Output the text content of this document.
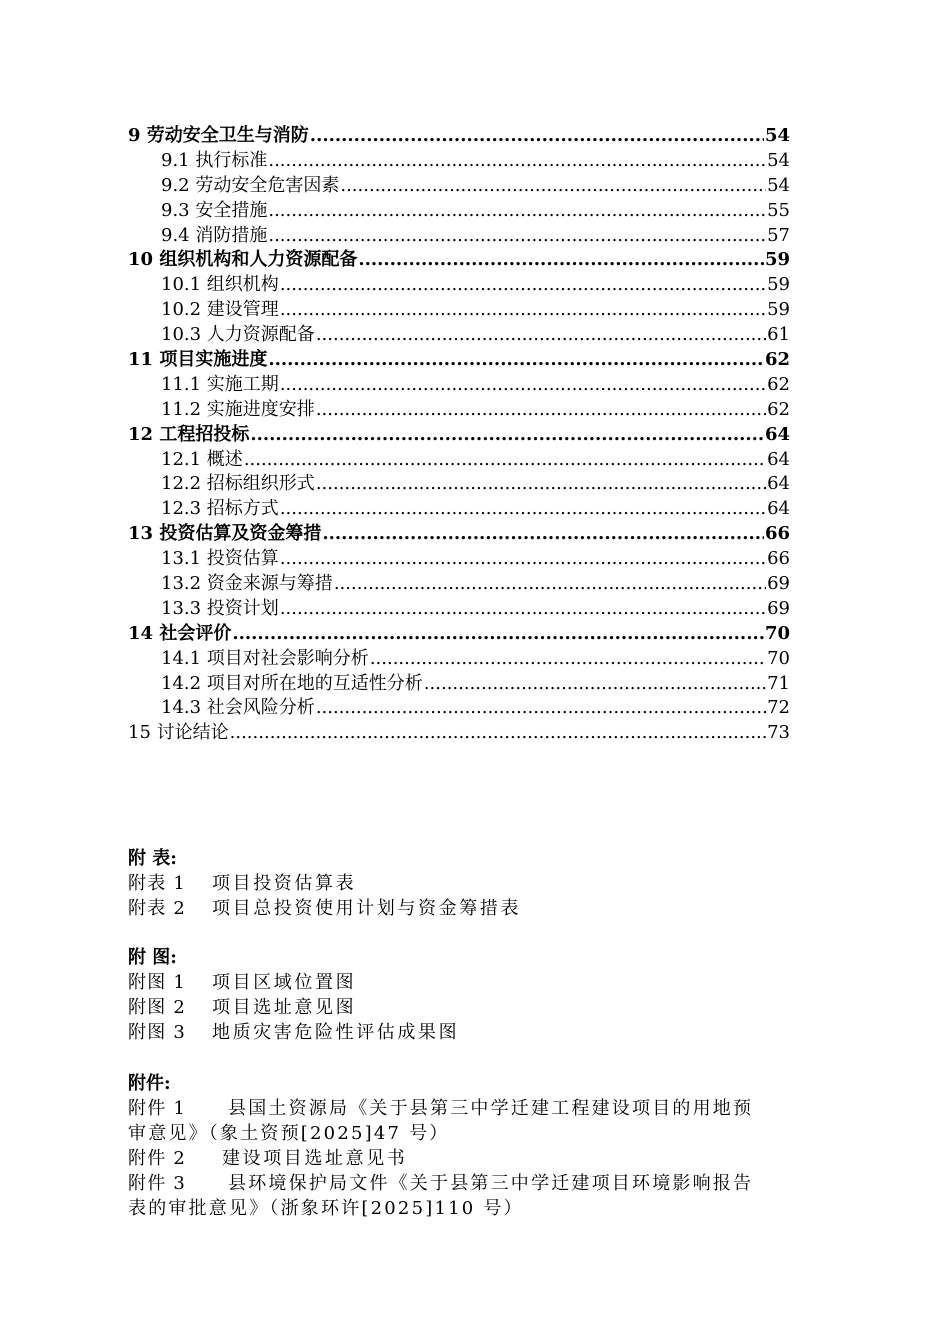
9 劳动安全卫生与消防 .....	54
9.1 执行标准 .....	54
9.2 劳动安全危害因素 .....	54
9.3 安全措施 .....	55
9.4 消防措施 .....	57
10 组织机构和人力资源配备 .....	59
10.1 组织机构 .....	59
10.2 建设管理 .....	59
10.3 人力资源配备 .....	61
11 项目实施进度 .....	62
11.1 实施工期 .....	62
11.2 实施进度安排 .....	62
12 工程招投标 .....	64
12.1 概述 .....	64
12.2 招标组织形式 .....	64
12.3 招标方式 .....	64
13 投资估算及资金筹措 .....	66
13.1 投资估算 .....	66
13.2 资金来源与筹措 .....	69
13.3 投资计划 .....	69
14 社会评价 .....	70
14.1 项目对社会影响分析 .....	70
14.2 项目对所在地的互适性分析 .....	71
14.3 社会风险分析 .....	72
15 讨论结论 .....	73
附 表:
附表 1	项目投资估算表
附表 2	项目总投资使用计划与资金筹措表
附 图:
附图 1	项目区域位置图
附图 2	项目选址意见图
附图 3	地质灾害危险性评估成果图
附件:
附件 1	县国土资源局《关于县第三中学迁建工程建设项目的用地预
审意见》（象土资预[2025]47 号）
附件 2	建设项目选址意见书
附件 3	县环境保护局文件《关于县第三中学迁建项目环境影响报告
表的审批意见》（浙象环许[2025]110 号）
